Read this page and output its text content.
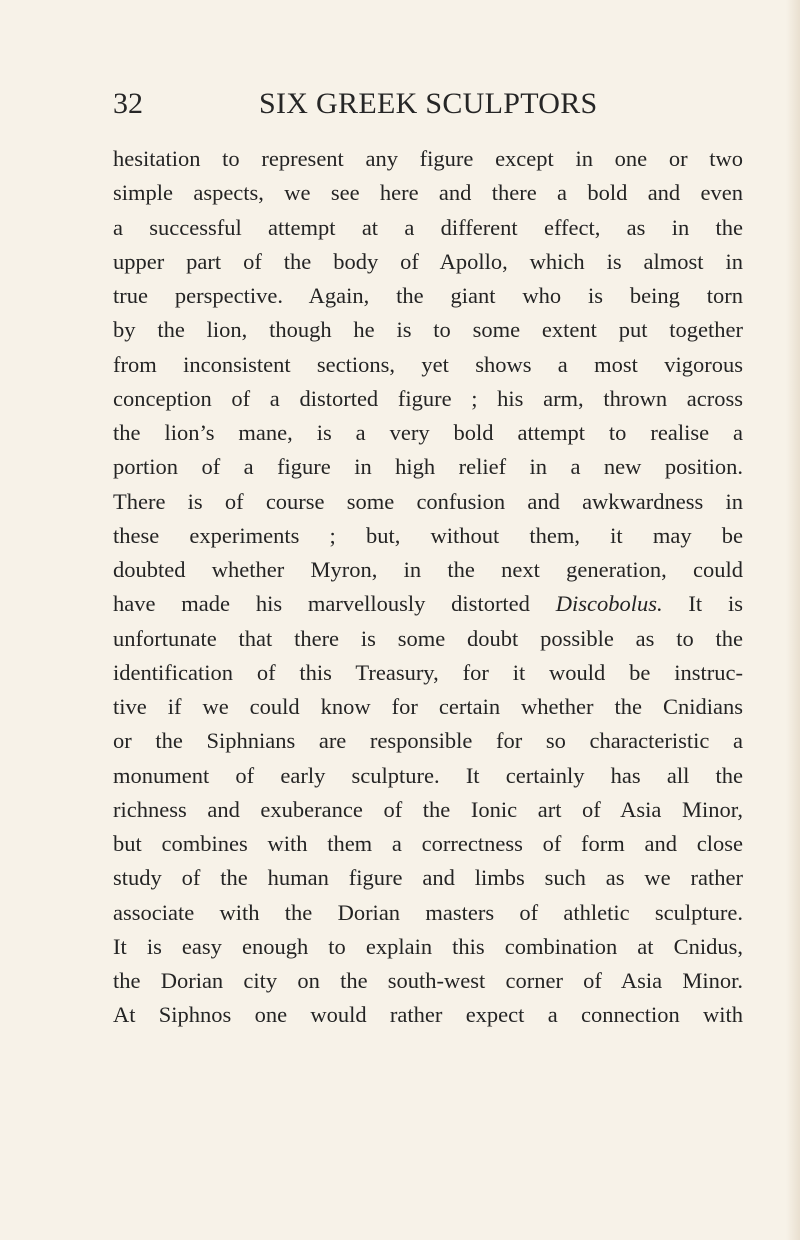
32	SIX GREEK SCULPTORS
hesitation to represent any figure except in one or two
simple aspects, we see here and there a bold and even
a successful attempt at a different effect, as in the
upper part of the body of Apollo, which is almost in
true perspective. Again, the giant who is being torn
by the lion, though he is to some extent put together
from inconsistent sections, yet shows a most vigorous
conception of a distorted figure ; his arm, thrown across
the lion’s mane, is a very bold attempt to realise a
portion of a figure in high relief in a new position.
There is of course some confusion and awkwardness in
these experiments ; but, without them, it may be
doubted whether Myron, in the next generation, could
have made his marvellously distorted Discobolus. It is
unfortunate that there is some doubt possible as to the
identification of this Treasury, for it would be instruc-
tive if we could know for certain whether the Cnidians
or the Siphnians are responsible for so characteristic a
monument of early sculpture. It certainly has all the
richness and exuberance of the Ionic art of Asia Minor,
but combines with them a correctness of form and close
study of the human figure and limbs such as we rather
associate with the Dorian masters of athletic sculpture.
It is easy enough to explain this combination at Cnidus,
the Dorian city on the south-west corner of Asia Minor.
At Siphnos one would rather expect a connection with
